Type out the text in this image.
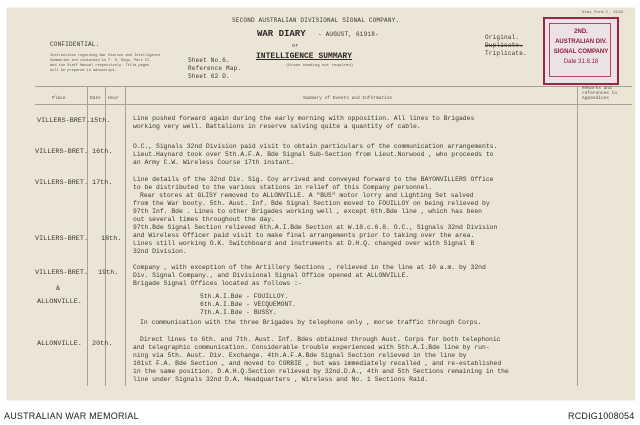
CONFIDENTIAL.
SECOND AUSTRALIAN DIVISIONAL SIGNAL COMPANY.
WAR DIARY - AUGUST, 61918-
or
INTELLIGENCE SUMMARY
(Erase heading not required)
Army Form C. 2118.
Original.
Duplicate.
Triplicate.
Instructions regarding War Diaries and Intelligence
Summaries are contained in F. S. Regs, Part II.
and the Staff Manual respectively. Title pages
will be prepared in manuscript.
Sheet No.6.
Reference Map.
Sheet 62 D.
2ND.
AUSTRALIAN DIV.
SIGNAL COMPANY
Date 31.8.18
Place	Date Hour	Summary of Events and Information
Remarks and references to Appendices
VILLERS-BRET. 15th.	Line pushed forward again during the early morning with opposition. All lines to Brigades
working very well. Battalions in reserve salving quite a quantity of cable.
VILLERS-BRET. 16th.
O.C., Signals 32nd Division paid visit to obtain particulars of the communication arrangements.
Lieut.Haynard took over 5th.A.F.A. Bde Signal Sub-Section from Lieut.Norwood , who proceeds to
an Army C.W. Wireless Course 17th instant.
VILLERS-BRET. 17th.	Line details of the 32nd Div. Sig. Coy arrived and conveyed forward to the BAYONVILLERS Office
to be distributed to the various stations in relief of this Company personnel.
Rear stores at GLISY removed to ALLONVILLE. A "BUS" motor lorry and Lighting Set salved
from the War booty. 5th. Aust. Inf. Bde Signal Section moved to FOUILLOY on being relieved by
97th Inf. Bde . Lines to other Brigades working well , except 6th.Bde line , which has been
out several times throughout the day.
VILLERS-BRET. 18th.
97th.Bde Signal Section relieved 6th.A.I.Bde Section at W.18.c.6.8. O.C., Signals 32nd Division
and Wireless Officer paid visit to make final arrangements prior to taking over the area.
Lines still working O.K. Switchboard and instruments at D.H.Q. changed over with Signal B
32nd Division.
VILLERS-BRET.
&
ALLONVILLE.
19th.
Company , with exception of the Artillery Sections , relieved in the line at 10 a.m. by 32nd
Div. Signal Company., and Divisional Signal Office opened at ALLONVILLE.
Brigade Signal Offices located as follows :-
5th.A.I.Bde - FOUILLOY.
6th.A.I.Bde - VECQUEMONT.
7th.A.I.Bde - BUSSY.
In communication with the three Brigades by telephone only , morse traffic through Corps.
ALLONVILLE. 20th.
Direct lines to 6th. and 7th. Aust. Inf. Bdes obtained through Aust. Corps for both telephonic
and telegraphic communication. Considerable trouble experienced with 5th.A.I.Bde line by run-
ning via 5th. Aust. Div. Exchange. 4th.A.F.A.Bde Signal Section relieved in the line by
161st F.A. Bde Section , and moved to CORBIE , but was immediately recalled , and re-established
in the same position. D.A.H.Q.Section relieved by 32nd.D.A., 4th and 5th Sections remaining in the
line under Signals 32nd D.A. Headquarters , Wireless and No. 1 Sections Raid.
AUSTRALIAN WAR MEMORIAL	RCDIG1008054
